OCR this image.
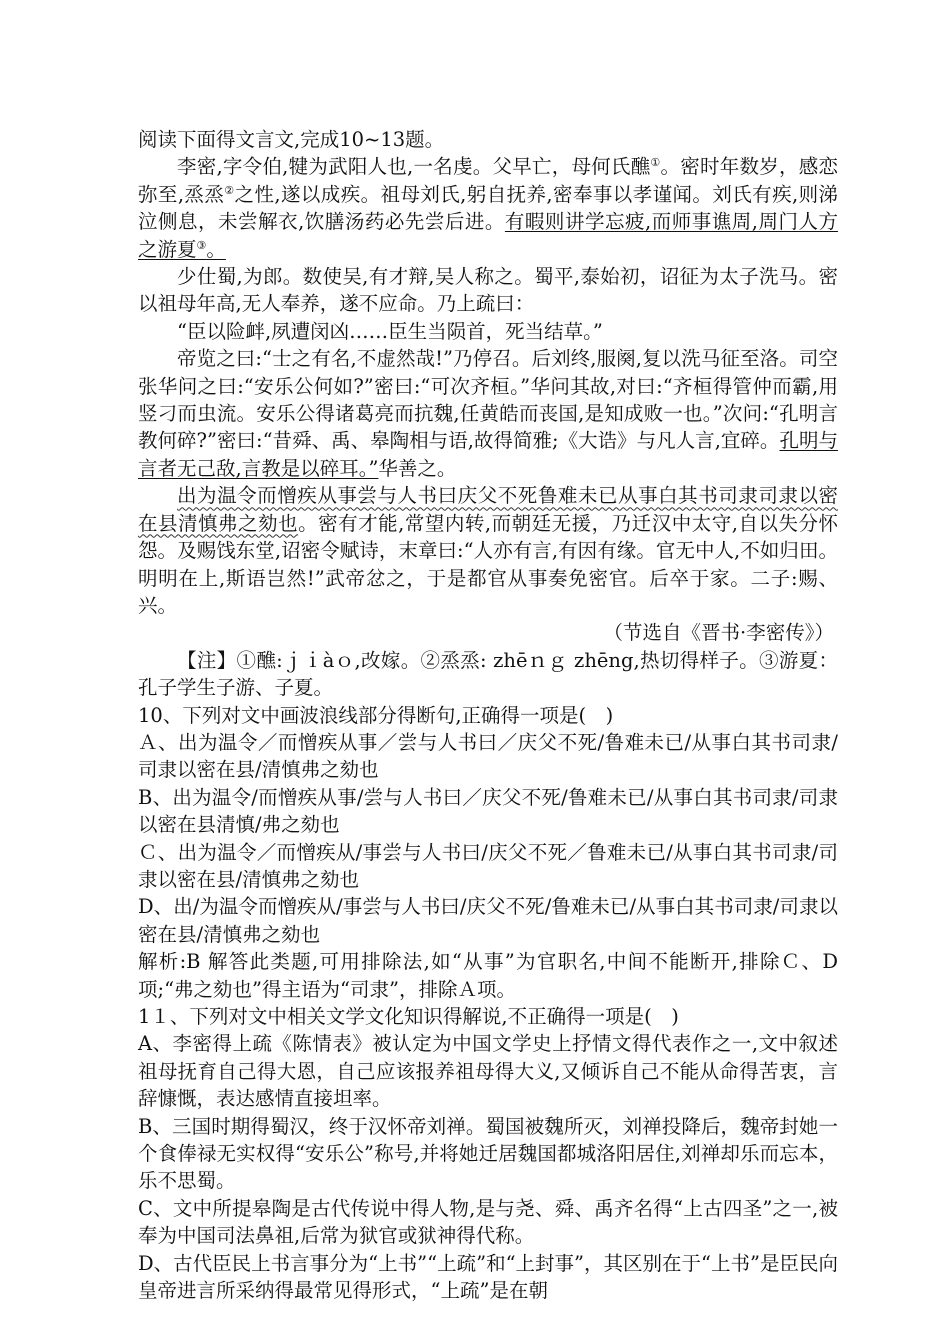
阅读下面得文言文,完成10~13题。

李密,字令伯,犍为武阳人也,一名虔。父早亡，母何氏醮①。密时年数岁，感恋弥至,烝烝②之性,遂以成疾。祖母刘氏,躬自抚养,密奉事以孝谨闻。刘氏有疾,则涕泣侧息，未尝解衣,饮膳汤药必先尝后进。有暇则讲学忘疲,而师事谯周,周门人方之游夏③。

少仕蜀,为郎。数使吴,有才辩,吴人称之。蜀平,泰始初，诏征为太子洗马。密以祖母年高,无人奉养，遂不应命。乃上疏曰：

“臣以险衅,夙遭闵凶……臣生当陨首，死当结草。”

帝览之曰:“士之有名,不虚然哉!”乃停召。后刘终,服阕,复以洗马征至洛。司空张华问之曰:“安乐公何如?”密曰:“可次齐桓。”华问其故,对曰:“齐桓得管仲而霸,用竖刁而虫流。安乐公得诸葛亮而抗魏,任黄皓而丧国,是知成败一也。”次问:“孔明言教何碎?”密曰:“昔舜、禹、皋陶相与语,故得简雅;《大诰》与凡人言,宜碎。孔明与言者无己敌,言教是以碎耳。”华善之。

出为温令而憎疾从事尝与人书曰庆父不死鲁难未已从事白其书司隶司隶以密在县清慎弗之劾也。密有才能,常望内转,而朝廷无援，乃迁汉中太守,自以失分怀怨。及赐饯东堂,诏密令赋诗，末章曰:“人亦有言,有因有缘。官无中人,不如归田。明明在上,斯语岂然!”武帝忿之，于是都官从事奏免密官。后卒于家。二子:赐、兴。

（节选自《晋书·李密传》）

【注】①醮:ｊｉàｏ,改嫁。②烝烝: zhēｎｇ zhēng,热切得样子。③游夏：孔子学生子游、子夏。

10、下列对文中画波浪线部分得断句,正确得一项是(　)

Ａ、出为温令／而憎疾从事／尝与人书曰／庆父不死/鲁难未已/从事白其书司隶/司隶以密在县/清慎弗之劾也

B、出为温令/而憎疾从事/尝与人书曰／庆父不死/鲁难未已/从事白其书司隶/司隶以密在县清慎/弗之劾也

Ｃ、出为温令／而憎疾从/事尝与人书曰/庆父不死／鲁难未已/从事白其书司隶/司隶以密在县/清慎弗之劾也

D、出/为温令而憎疾从/事尝与人书曰/庆父不死/鲁难未已/从事白其书司隶/司隶以密在县/清慎弗之劾也

解析:B 解答此类题,可用排除法,如“从事”为官职名,中间不能断开,排除Ｃ、D项;“弗之劾也”得主语为“司隶”，排除Ａ项。

1１、下列对文中相关文学文化知识得解说,不正确得一项是(　)

A、李密得上疏《陈情表》被认定为中国文学史上抒情文得代表作之一,文中叙述祖母抚育自己得大恩，自己应该报养祖母得大义,又倾诉自己不能从命得苦衷，言辞慷慨，表达感情直接坦率。

B、三国时期得蜀汉，终于汉怀帝刘禅。蜀国被魏所灭，刘禅投降后，魏帝封她一个食俸禄无实权得“安乐公”称号,并将她迁居魏国都城洛阳居住,刘禅却乐而忘本，乐不思蜀。

C、文中所提皋陶是古代传说中得人物,是与尧、舜、禹齐名得“上古四圣”之一,被奉为中国司法鼻祖,后常为狱官或狱神得代称。

D、古代臣民上书言事分为“上书”“上疏”和“上封事”，其区别在于“上书”是臣民向皇帝进言所采纳得最常见得形式，“上疏”是在朝
